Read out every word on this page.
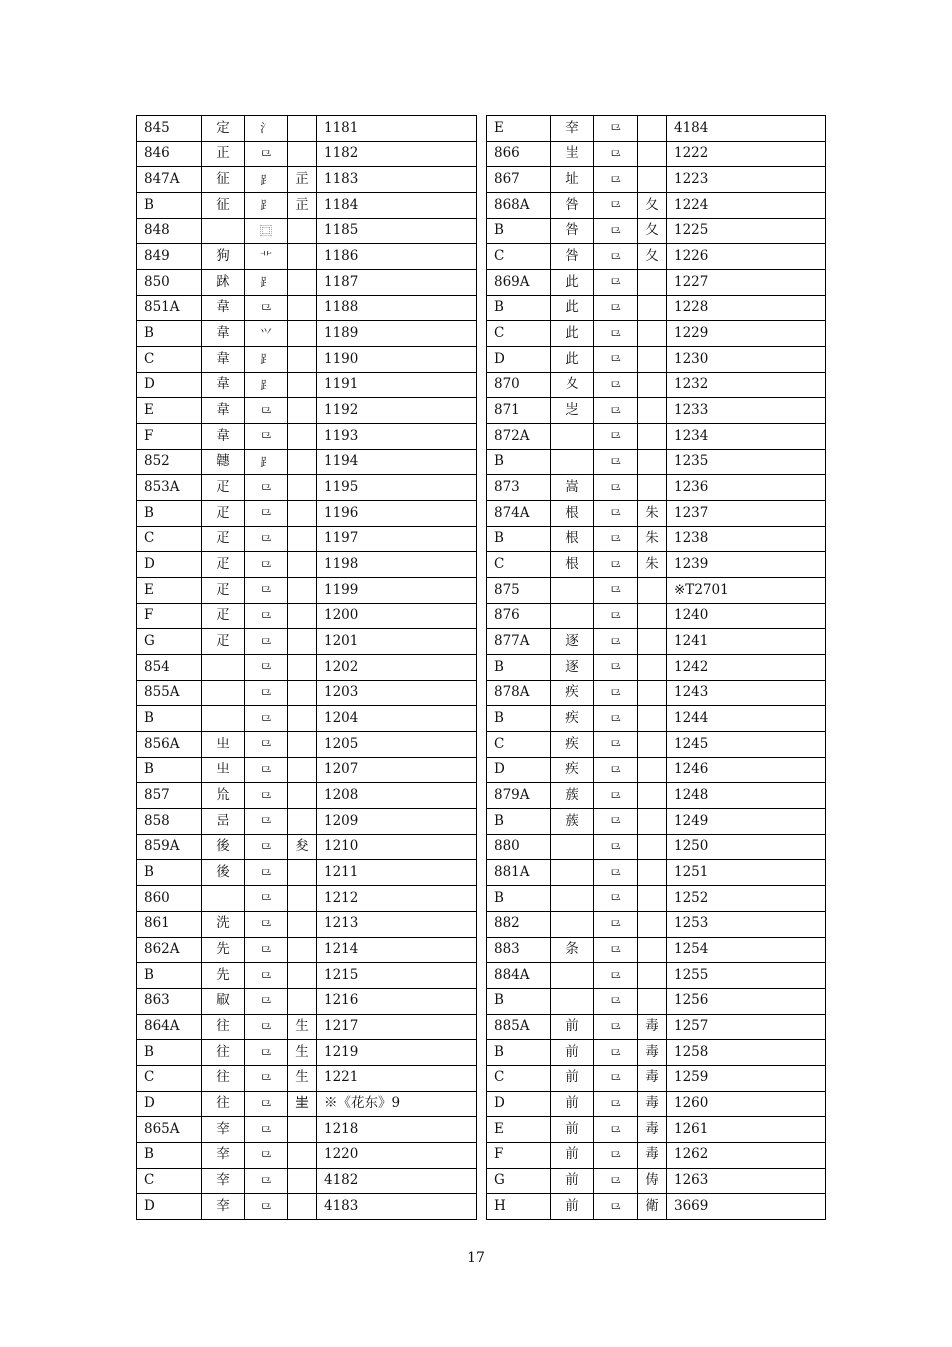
845	定	⺡		1181
846	正	⺋		1182
847A	征	⻊	㱏	1183
B	征	⻊	㱏	1184
848		⿴		1185
849	狗	⻀		1186
850	䟣	⻊		1187
851A	韋	⺋		1188
B	韋	⺍		1189
C	韋	⻊		1190
D	韋	⻊		1191
E	韋	⺋		1192
F	韋	⺋		1193
852	韢	⻊		1194
853A	疋	⺋		1195
B	疋	⺋		1196
C	疋	⺋		1197
D	疋	⺋		1198
E	疋	⺋		1199
F	疋	⺋		1200
G	疋	⺋		1201
854		⺋		1202
855A		⺋		1203
B		⺋		1204
856A	㞢	⺋		1205
B	㞢	⺋		1207
857	㠩	⺋		1208
858	㞯	⺋		1209
859A	後	⺋	夋	1210
B	後	⺋		1211
860		⺋		1212
861	洗	⺋		1213
862A	先	⺋		1214
B	先	⺋		1215
863	㕞	⺋		1216
864A	往	⺋	生	1217
B	往	⺋	生	1219
C	往	⺋	生	1221
D	往	⺋	𡉚	※《花东》9
865A	㚔	⺋		1218
B	㚔	⺋		1220
C	㚔	⺋		4182
D	㚔	⺋		4183
E	㚔	⺋		4184
866	㞷	⺋		1222
867	址	⺋		1223
868A	咎	⺋	夂	1224
B	咎	⺋	夂	1225
C	咎	⺋	夂	1226
869A	此	⺋		1227
B	此	⺋		1228
C	此	⺋		1229
D	此	⺋		1230
870	夊	⺋		1232
871	㞫	⺋		1233
872A		⺋		1234
B		⺋		1235
873	嵩	⺋		1236
874A	根	⺋	朱	1237
B	根	⺋	朱	1238
C	根	⺋	朱	1239
875		⺋		※T2701
876		⺋		1240
877A	逐	⺋		1241
B	逐	⺋		1242
878A	疾	⺋		1243
B	疾	⺋		1244
C	疾	⺋		1245
D	疾	⺋		1246
879A	蔟	⺋		1248
B	蔟	⺋		1249
880		⺋		1250
881A		⺋		1251
B		⺋		1252
882		⺋		1253
883	条	⺋		1254
884A		⺋		1255
B		⺋		1256
885A	前	⺋	毒	1257
B	前	⺋	毒	1258
C	前	⺋	毒	1259
D	前	⺋	毒	1260
E	前	⺋	毒	1261
F	前	⺋	毒	1262
G	前	⺋	俦	1263
H	前	⺋	衛	3669
17
